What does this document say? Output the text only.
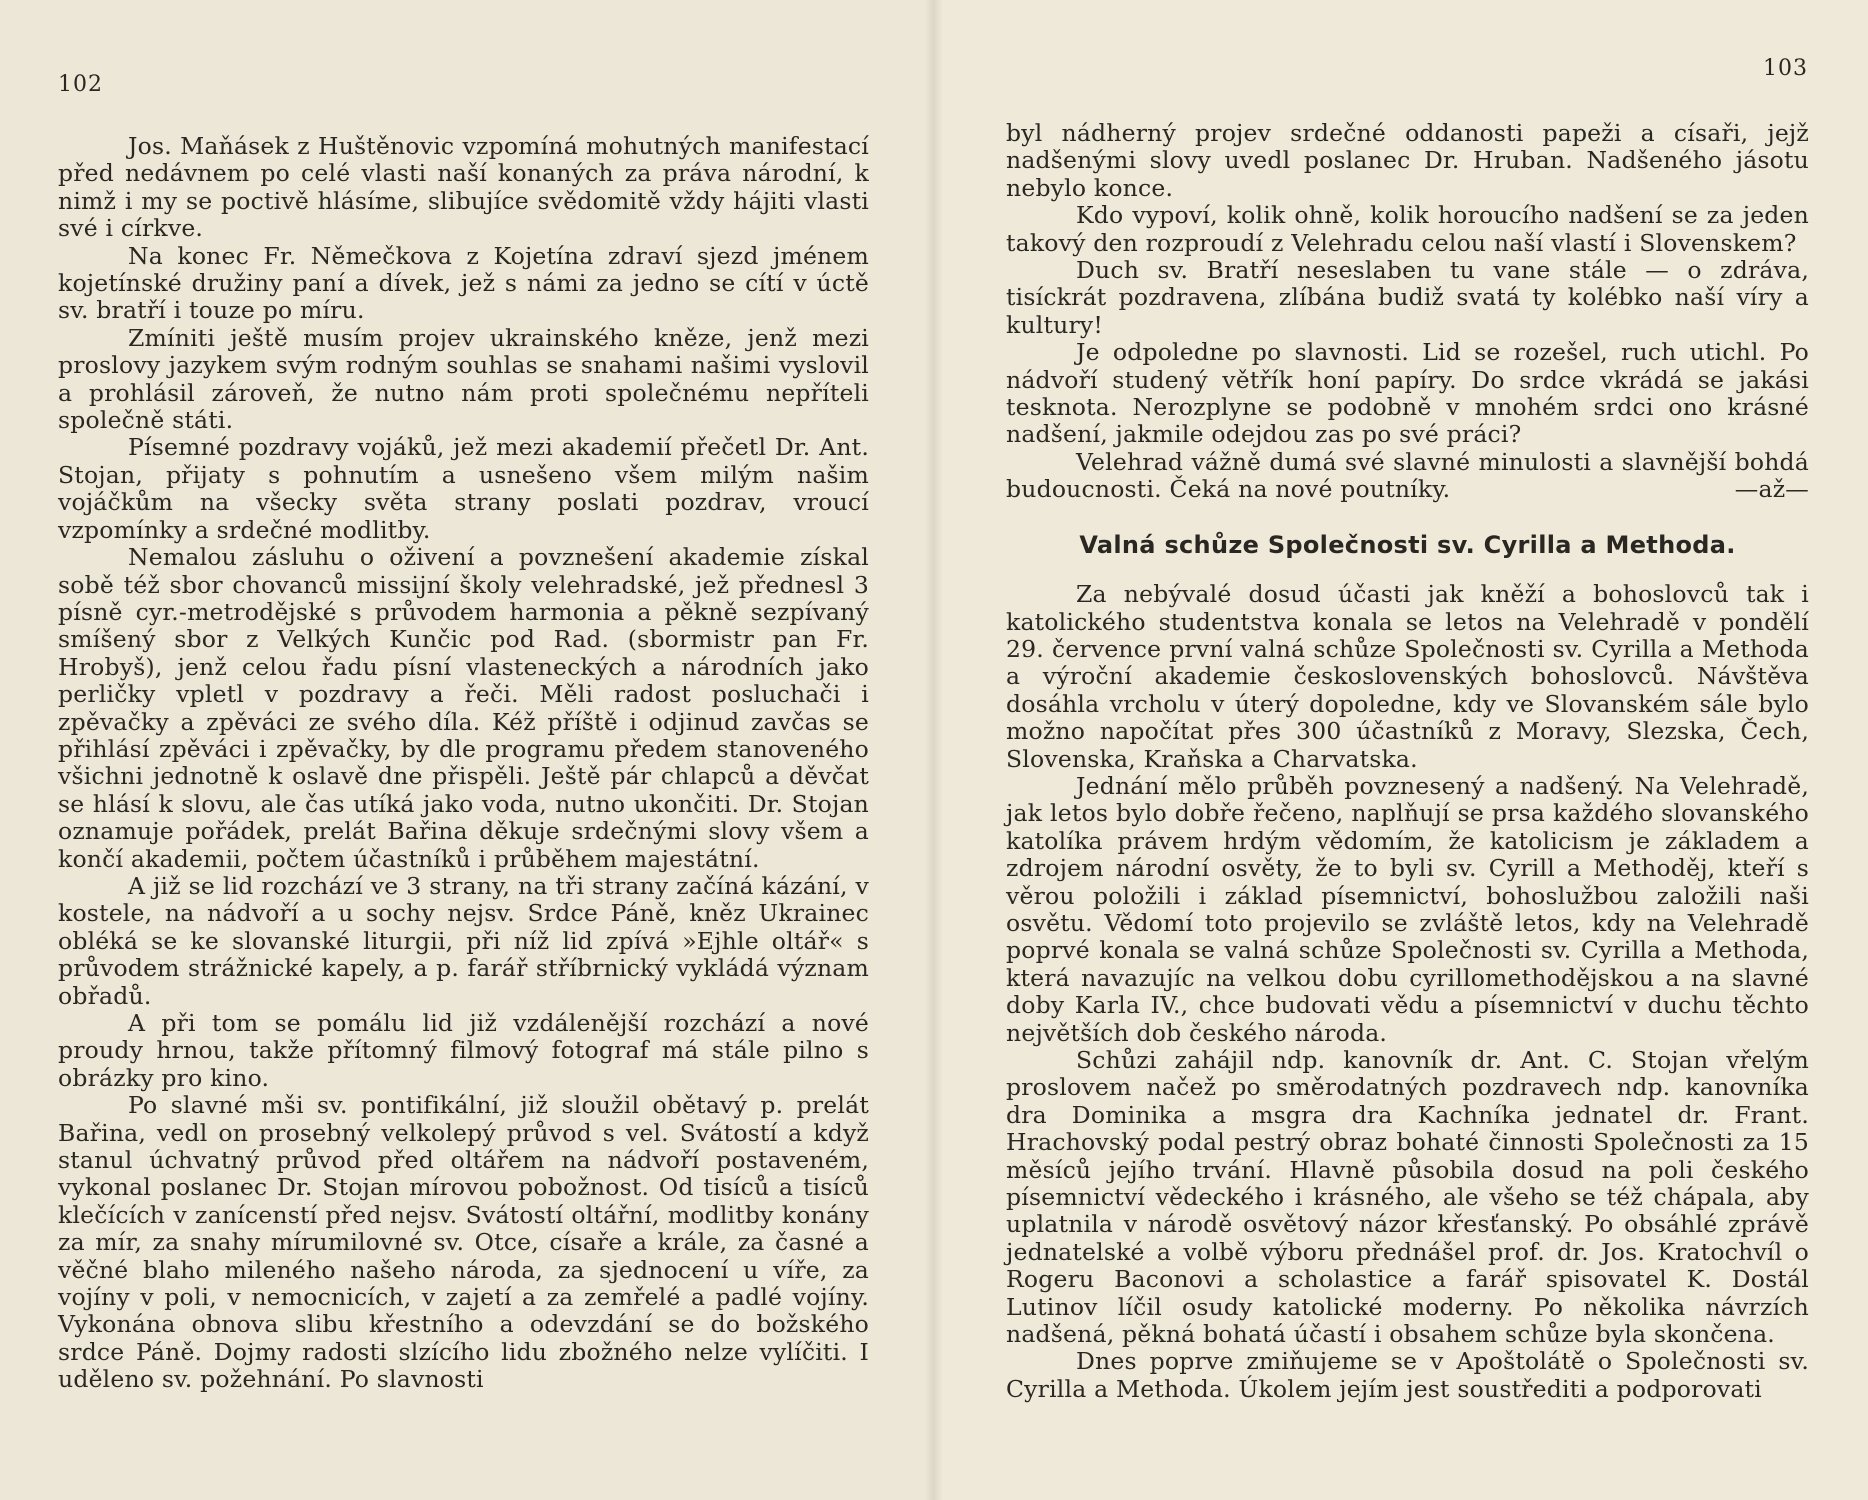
102

Jos. Maňásek z Huštěnovic vzpomíná mohutných manifestací před nedávnem po celé vlasti naší konaných za práva národní, k nimž i my se poctivě hlásíme, slibujíce svědomitě vždy hájiti vlasti své i církve.

Na konec Fr. Němečkova z Kojetína zdraví sjezd jménem kojetínské družiny paní a dívek, jež s námi za jedno se cítí v úctě sv. bratří i touze po míru.

Zmíniti ještě musím projev ukrainského kněze, jenž mezi proslovy jazykem svým rodným souhlas se snahami našimi vyslovil a prohlásil zároveň, že nutno nám proti společnému nepříteli společně státi.

Písemné pozdravy vojáků, jež mezi akademií přečetl Dr. Ant. Stojan, přijaty s pohnutím a usnešeno všem milým našim vojáčkům na všecky světa strany poslati pozdrav, vroucí vzpomínky a srdečné modlitby.

Nemalou zásluhu o oživení a povznešení akademie získal sobě též sbor chovanců missijní školy velehradské, jež přednesl 3 písně cyr.-metrodějské s průvodem harmonia a pěkně sezpívaný smíšený sbor z Velkých Kunčic pod Rad. (sbormistr pan Fr. Hrobyš), jenž celou řadu písní vlasteneckých a národních jako perličky vpletl v pozdravy a řeči. Měli radost posluchači i zpěvačky a zpěváci ze svého díla. Kéž příště i odjinud zavčas se přihlásí zpěváci i zpěvačky, by dle programu předem stanoveného všichni jednotně k oslavě dne přispěli. Ještě pár chlapců a děvčat se hlásí k slovu, ale čas utíká jako voda, nutno ukončiti. Dr. Stojan oznamuje pořádek, prelát Bařina děkuje srdečnými slovy všem a končí akademii, počtem účastníků i průběhem majestátní.

A již se lid rozchází ve 3 strany, na tři strany začíná kázání, v kostele, na nádvoří a u sochy nejsv. Srdce Páně, kněz Ukrainec obléká se ke slovanské liturgii, při níž lid zpívá »Ejhle oltář« s průvodem strážnické kapely, a p. farář stříbrnický vykládá význam obřadů.

A při tom se pomálu lid již vzdálenější rozchází a nové proudy hrnou, takže přítomný filmový fotograf má stále pilno s obrázky pro kino.

Po slavné mši sv. pontifikální, již sloužil obětavý p. prelát Bařina, vedl on prosebný velkolepý průvod s vel. Svátostí a když stanul úchvatný průvod před oltářem na nádvoří postaveném, vykonal poslanec Dr. Stojan mírovou pobožnost. Od tisíců a tisíců klečících v zanícenstí před nejsv. Svátostí oltářní, modlitby konány za mír, za snahy mírumilovné sv. Otce, císaře a krále, za časné a věčné blaho mileného našeho národa, za sjednocení u víře, za vojíny v poli, v nemocnicích, v zajetí a za zemřelé a padlé vojíny. Vykonána obnova slibu křestního a odevzdání se do božského srdce Páně. Dojmy radosti slzícího lidu zbožného nelze vylíčiti. I uděleno sv. požehnání. Po slavnosti

103

byl nádherný projev srdečné oddanosti papeži a císaři, jejž nadšenými slovy uvedl poslanec Dr. Hruban. Nadšeného jásotu nebylo konce.

Kdo vypoví, kolik ohně, kolik horoucího nadšení se za jeden takový den rozproudí z Velehradu celou naší vlastí i Slovenskem?

Duch sv. Bratří neseslaben tu vane stále — o zdráva, tisíckrát pozdravena, zlíbána budiž svatá ty kolébko naší víry a kultury!

Je odpoledne po slavnosti. Lid se rozešel, ruch utichl. Po nádvoří studený větřík honí papíry. Do srdce vkrádá se jakási tesknota. Nerozplyne se podobně v mnohém srdci ono krásné nadšení, jakmile odejdou zas po své práci?

Velehrad vážně dumá své slavné minulosti a slavnější bohdá budoucnosti. Čeká na nové poutníky.	—až—

Valná schůze Společnosti sv. Cyrilla a Methoda.

Za nebývalé dosud účasti jak kněží a bohoslovců tak i katolického studentstva konala se letos na Velehradě v pondělí 29. července první valná schůze Společnosti sv. Cyrilla a Methoda a výroční akademie československých bohoslovců. Návštěva dosáhla vrcholu v úterý dopoledne, kdy ve Slovanském sále bylo možno napočítat přes 300 účastníků z Moravy, Slezska, Čech, Slovenska, Kraňska a Charvatska.

Jednání mělo průběh povznesený a nadšený. Na Velehradě, jak letos bylo dobře řečeno, naplňují se prsa každého slovanského katolíka právem hrdým vědomím, že katolicism je základem a zdrojem národní osvěty, že to byli sv. Cyrill a Methoděj, kteří s věrou položili i základ písemnictví, bohoslužbou založili naši osvětu. Vědomí toto projevilo se zvláště letos, kdy na Velehradě poprvé konala se valná schůze Společnosti sv. Cyrilla a Methoda, která navazujíc na velkou dobu cyrillomethodějskou a na slavné doby Karla IV., chce budovati vědu a písemnictví v duchu těchto největších dob českého národa.

Schůzi zahájil ndp. kanovník dr. Ant. C. Stojan vřelým proslovem načež po směrodatných pozdravech ndp. kanovníka dra Dominika a msgra dra Kachníka jednatel dr. Frant. Hrachovský podal pestrý obraz bohaté činnosti Společnosti za 15 měsíců jejího trvání. Hlavně působila dosud na poli českého písemnictví vědeckého i krásného, ale všeho se též chápala, aby uplatnila v národě osvětový názor křesťanský. Po obsáhlé zprávě jednatelské a volbě výboru přednášel prof. dr. Jos. Kratochvíl o Rogeru Baconovi a scholastice a farář spisovatel K. Dostál Lutinov líčil osudy katolické moderny. Po několika návrzích nadšená, pěkná bohatá účastí i obsahem schůze byla skončena.

Dnes poprve zmiňujeme se v Apoštolátě o Společnosti sv. Cyrilla a Methoda. Úkolem jejím jest soustřediti a podporovati
